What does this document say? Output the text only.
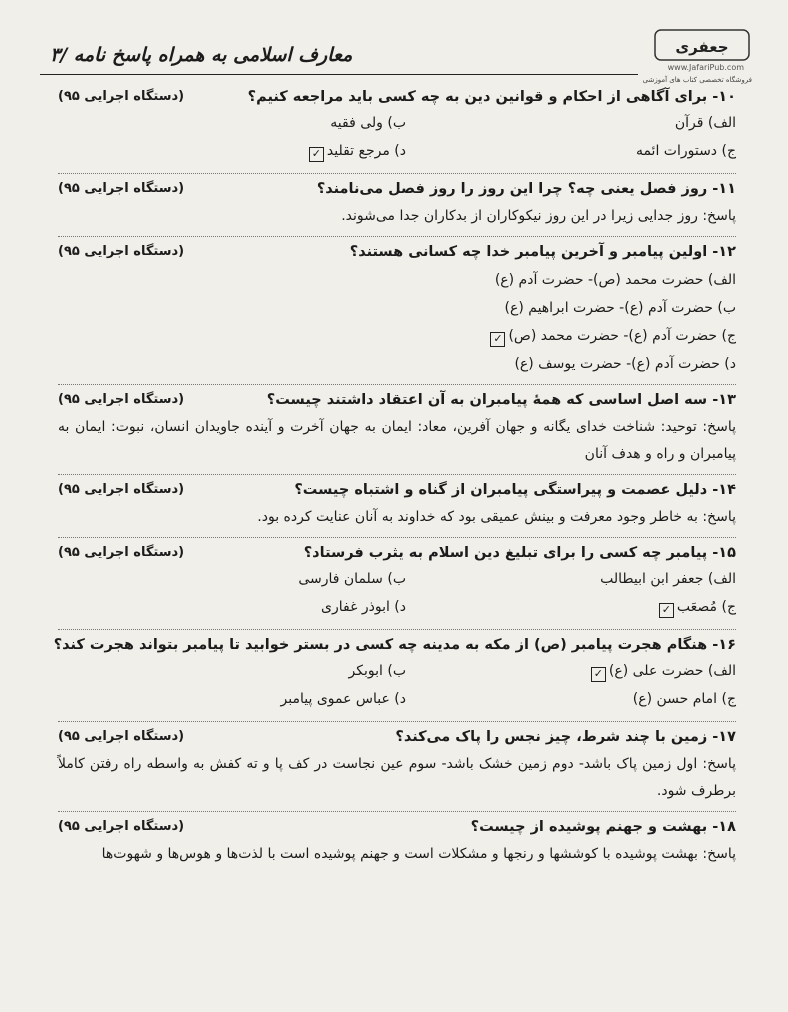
معارف اسلامی به همراه پاسخ نامه /۳	جعفری
www.JafariPub.com
فروشگاه تخصصی کتاب های آموزشی
۱۰- برای آگاهی از احکام و قوانین دین به چه کسی باید مراجعه کنیم؟
(دستگاه اجرایی ۹۵)
الف) قرآن
ب) ولی فقیه
ج) دستورات ائمه
د) مرجع تقلید✓
۱۱- روز فصل یعنی چه؟ چرا این روز را روز فصل می‌نامند؟
(دستگاه اجرایی ۹۵)
پاسخ: روز جدایی زیرا در این روز نیکوکاران از بدکاران جدا می‌شوند.
۱۲- اولین پیامبر و آخرین پیامبر خدا چه کسانی هستند؟
(دستگاه اجرایی ۹۵)
الف) حضرت محمد (ص)- حضرت آدم (ع)
ب) حضرت آدم (ع)- حضرت ابراهیم (ع)
ج) حضرت آدم (ع)- حضرت محمد (ص)✓
د) حضرت آدم (ع)- حضرت یوسف (ع)
۱۳- سه اصل اساسی که همهٔ پیامبران به آن اعتقاد داشتند چیست؟
(دستگاه اجرایی ۹۵)
پاسخ: توحید: شناخت خدای یگانه و جهان آفرین، معاد: ایمان به جهان آخرت و آینده جاویدان انسان، نبوت: ایمان به پیامبران و راه و هدف آنان
۱۴- دلیل عصمت و پیراستگی پیامبران از گناه و اشتباه چیست؟
(دستگاه اجرایی ۹۵)
پاسخ: به خاطر وجود معرفت و بینش عمیقی بود که خداوند به آنان عنایت کرده بود.
۱۵- پیامبر چه کسی را برای تبلیغ دین اسلام به یثرب فرستاد؟
(دستگاه اجرایی ۹۵)
الف) جعفر ابن ابیطالب
ب) سلمان فارسی
ج) مُصعَب✓
د) ابوذر غفاری
۱۶- هنگام هجرت پیامبر (ص) از مکه به مدینه چه کسی در بستر خوابید تا پیامبر بتواند هجرت کند؟
الف) حضرت علی (ع)✓
ب) ابوبکر
ج) امام حسن (ع)
د) عباس عموی پیامبر
۱۷- زمین با چند شرط، چیز نجس را پاک می‌کند؟
(دستگاه اجرایی ۹۵)
پاسخ: اول زمین پاک باشد- دوم زمین خشک باشد- سوم عین نجاست در کف پا و ته کفش به واسطه راه رفتن کاملاً برطرف شود.
۱۸- بهشت و جهنم پوشیده از چیست؟
(دستگاه اجرایی ۹۵)
پاسخ: بهشت پوشیده با کوششها و رنجها و مشکلات است و جهنم پوشیده است با لذت‌ها و هوس‌ها و شهوت‌ها
